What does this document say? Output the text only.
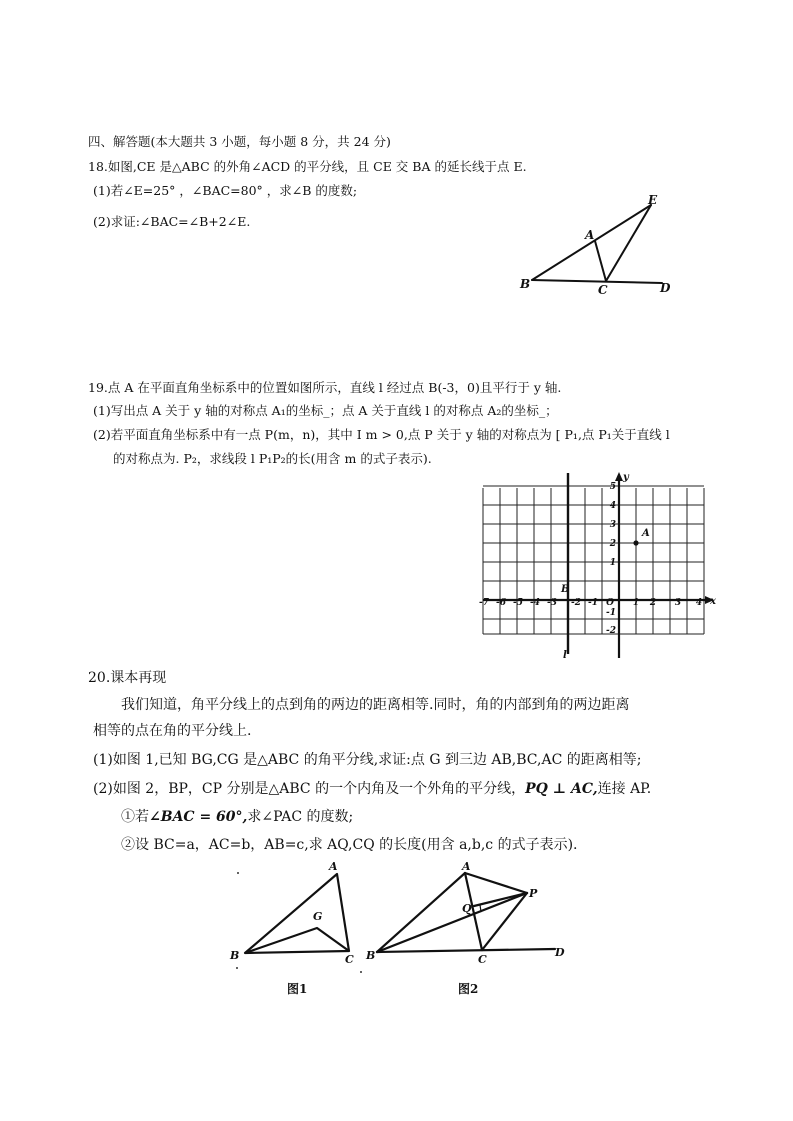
四、解答题(本大题共 3 小题，每小题 8 分，共 24 分)
18.如图,CE 是△ABC 的外角∠ACD 的平分线，且 CE 交 BA 的延长线于点 E.
(1)若∠E=25° ，∠BAC=80° ，求∠B 的度数;
(2)求证:∠BAC=∠B+2∠E.
B	C	D
A
E
19.点 A 在平面直角坐标系中的位置如图所示，直线 l 经过点 B(-3，0)且平行于 y 轴.
(1)写出点 A 关于 y 轴的对称点 A₁的坐标_；点 A 关于直线 l 的对称点 A₂的坐标_；
(2)若平面直角坐标系中有一点 P(m，n)，其中 I m > 0,点 P 关于 y 轴的对称点为 [ P₁,点 P₁关于直线 l
的对称点为. P₂，求线段 l P₁P₂的长(用含 m 的式子表示).
y
x
A
B
l
-7 -6 -5 -4 -3 -2 -1 O 1 2 3 4
5
4
3
2
1
-1
-2
20.课本再现
我们知道，角平分线上的点到角的两边的距离相等.同时，角的内部到角的两边距离
相等的点在角的平分线上.
(1)如图 1,已知 BG,CG 是△ABC 的角平分线,求证:点 G 到三边 AB,BC,AC 的距离相等;
(2)如图 2，BP，CP 分别是△ABC 的一个内角及一个外角的平分线，PQ ⊥ AC,连接 AP.
①若∠BAC = 60°,求∠PAC 的度数;
②设 BC=a，AC=b，AB=c,求 AQ,CQ 的长度(用含 a,b,c 的式子表示).
A
B	C
G
图1
A
B	C
D
P
Q
图2
